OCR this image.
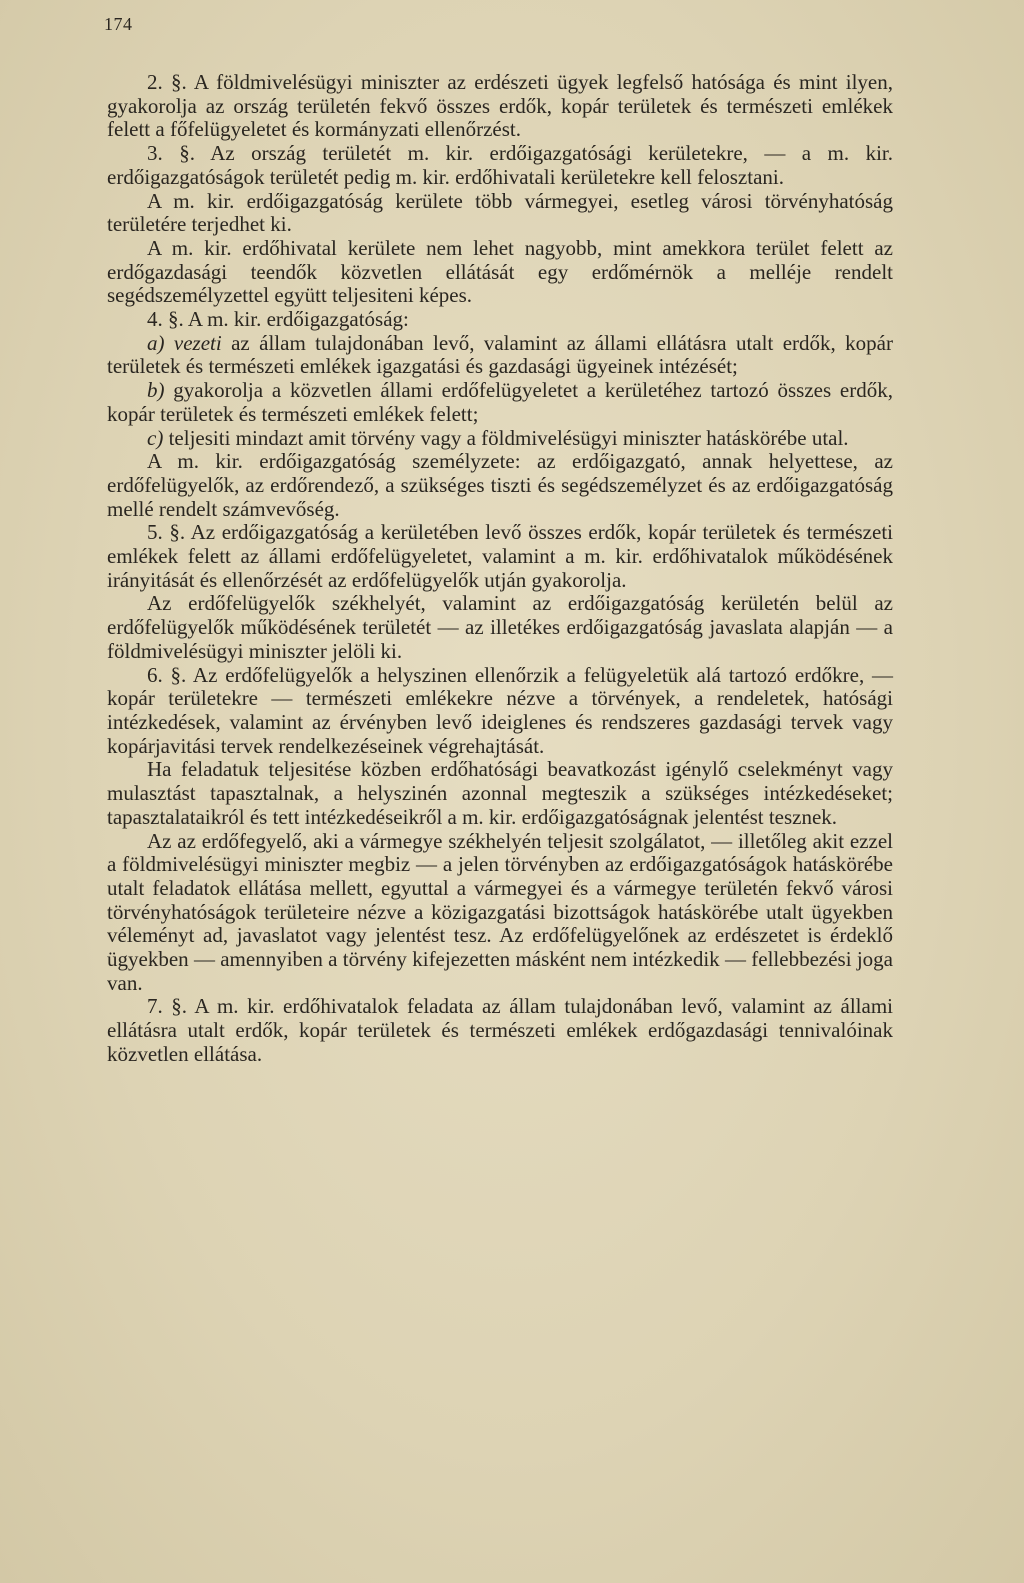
174

2. §. A földmivelésügyi miniszter az erdészeti ügyek legfelső hatósága és mint ilyen, gyakorolja az ország területén fekvő összes erdők, kopár területek és természeti emlékek felett a főfelügyeletet és kormányzati ellenőrzést.

3. §. Az ország területét m. kir. erdőigazgatósági kerületekre, — a m. kir. erdőigazgatóságok területét pedig m. kir. erdőhivatali kerületekre kell felosztani.

A m. kir. erdőigazgatóság kerülete több vármegyei, esetleg városi törvényhatóság területére terjedhet ki.

A m. kir. erdőhivatal kerülete nem lehet nagyobb, mint amekkora terület felett az erdőgazdasági teendők közvetlen ellátását egy erdőmérnök a melléje rendelt segédszemélyzettel együtt teljesiteni képes.

4. §. A m. kir. erdőigazgatóság:

a) vezeti az állam tulajdonában levő, valamint az állami ellátásra utalt erdők, kopár területek és természeti emlékek igazgatási és gazdasági ügyeinek intézését;

b) gyakorolja a közvetlen állami erdőfelügyeletet a kerületéhez tartozó összes erdők, kopár területek és természeti emlékek felett;

c) teljesiti mindazt amit törvény vagy a földmivelésügyi miniszter hatáskörébe utal.

A m. kir. erdőigazgatóság személyzete: az erdőigazgató, annak helyettese, az erdőfelügyelők, az erdőrendező, a szükséges tiszti és segédszemélyzet és az erdőigazgatóság mellé rendelt számvevőség.

5. §. Az erdőigazgatóság a kerületében levő összes erdők, kopár területek és természeti emlékek felett az állami erdőfelügyeletet, valamint a m. kir. erdőhivatalok működésének irányitását és ellenőrzését az erdőfelügyelők utján gyakorolja.

Az erdőfelügyelők székhelyét, valamint az erdőigazgatóság kerületén belül az erdőfelügyelők működésének területét — az illetékes erdőigazgatóság javaslata alapján — a földmivelésügyi miniszter jelöli ki.

6. §. Az erdőfelügyelők a helyszinen ellenőrzik a felügyeletük alá tartozó erdőkre, — kopár területekre — természeti emlékekre nézve a törvények, a rendeletek, hatósági intézkedések, valamint az érvényben levő ideiglenes és rendszeres gazdasági tervek vagy kopárjavitási tervek rendelkezéseinek végrehajtását.

Ha feladatuk teljesitése közben erdőhatósági beavatkozást igénylő cselekményt vagy mulasztást tapasztalnak, a helyszinén azonnal megteszik a szükséges intézkedéseket; tapasztalataikról és tett intézkedéseikről a m. kir. erdőigazgatóságnak jelentést tesznek.

Az az erdőfegyelő, aki a vármegye székhelyén teljesit szolgálatot, — illetőleg akit ezzel a földmivelésügyi miniszter megbiz — a jelen törvényben az erdőigazgatóságok hatáskörébe utalt feladatok ellátása mellett, egyuttal a vármegyei és a vármegye területén fekvő városi törvényhatóságok területeire nézve a közigazgatási bizottságok hatáskörébe utalt ügyekben véleményt ad, javaslatot vagy jelentést tesz. Az erdőfelügyelőnek az erdészetet is érdeklő ügyekben — amennyiben a törvény kifejezetten másként nem intézkedik — fellebbezési joga van.

7. §. A m. kir. erdőhivatalok feladata az állam tulajdonában levő, valamint az állami ellátásra utalt erdők, kopár területek és természeti emlékek erdőgazdasági tennivalóinak közvetlen ellátása.
